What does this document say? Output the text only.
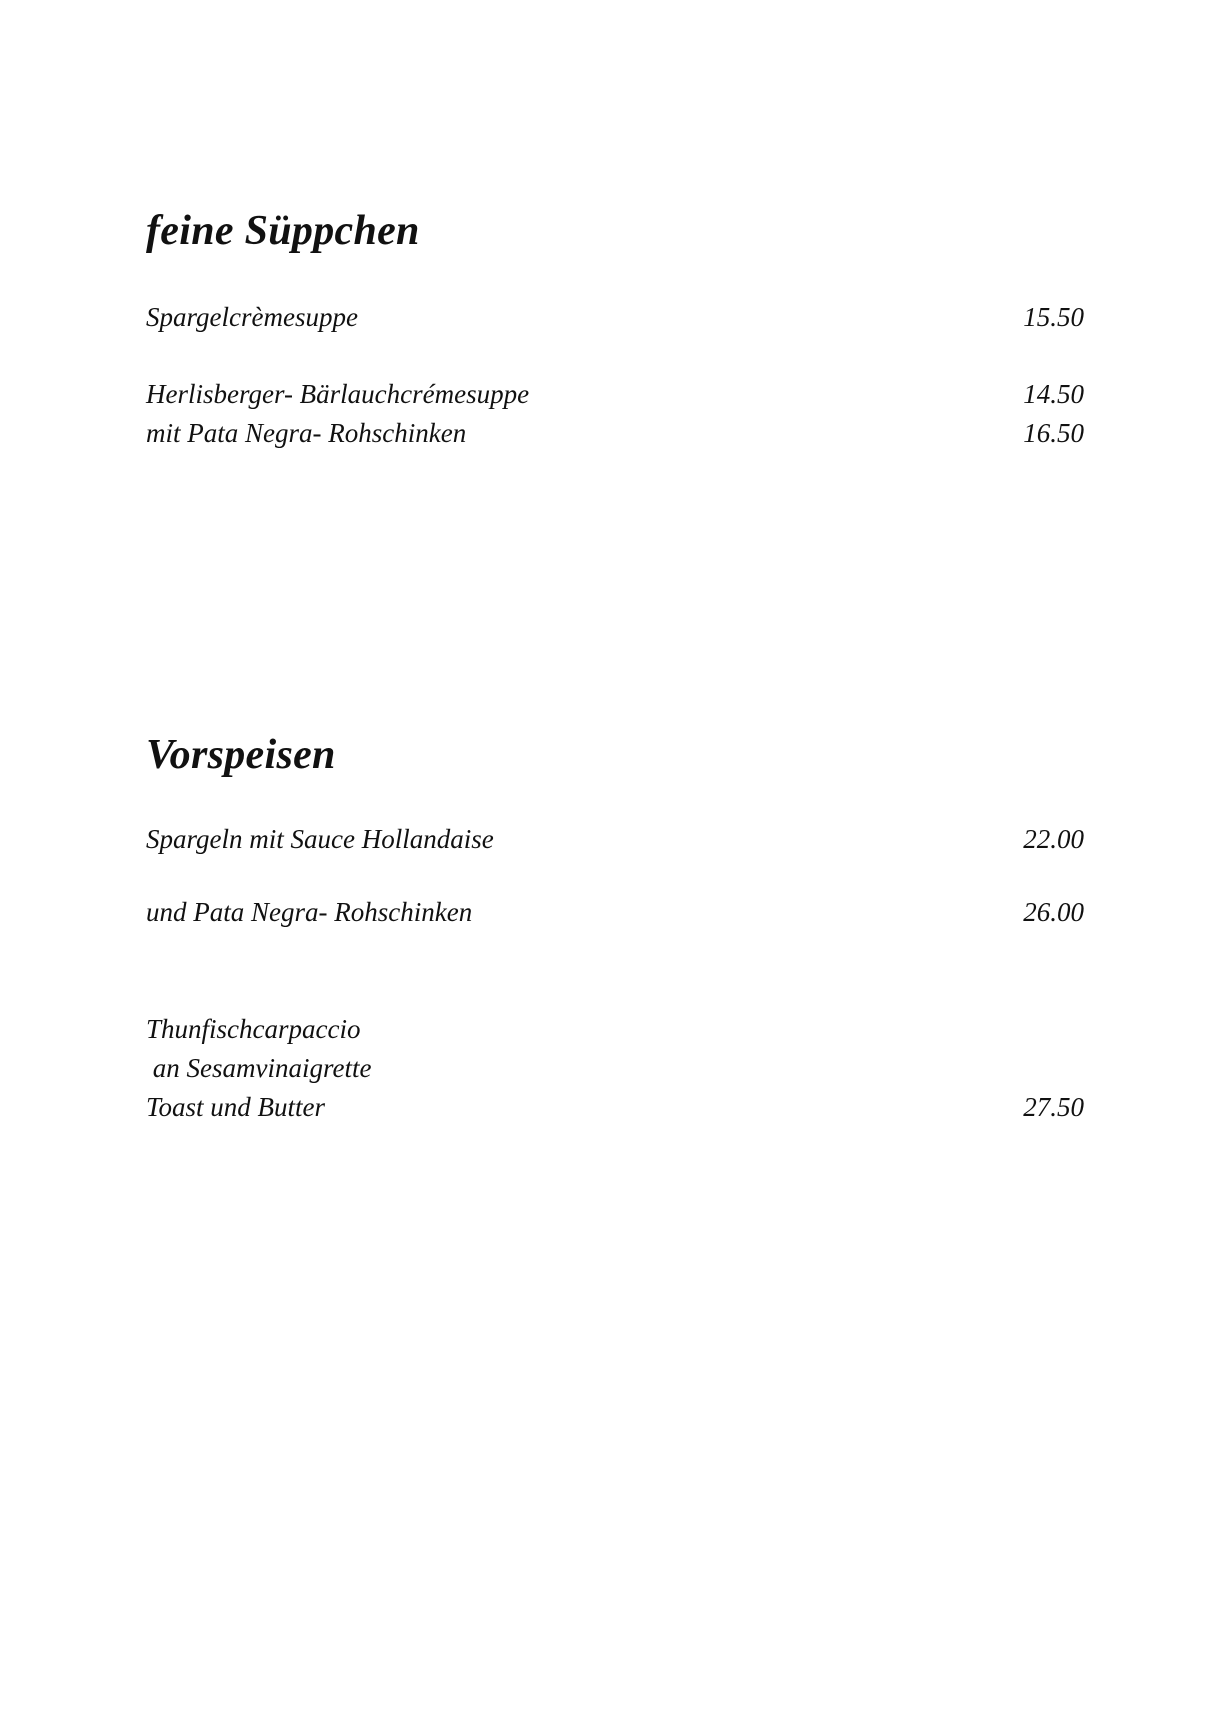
feine Süppchen
Spargelcrèmesuppe	15.50
Herlisberger- Bärlauchcrémesuppe	14.50
mit Pata Negra- Rohschinken	16.50
Vorspeisen
Spargeln mit Sauce Hollandaise	22.00
und Pata Negra- Rohschinken	26.00
Thunfischcarpaccio
an Sesamvinaigrette
Toast und Butter	27.50
